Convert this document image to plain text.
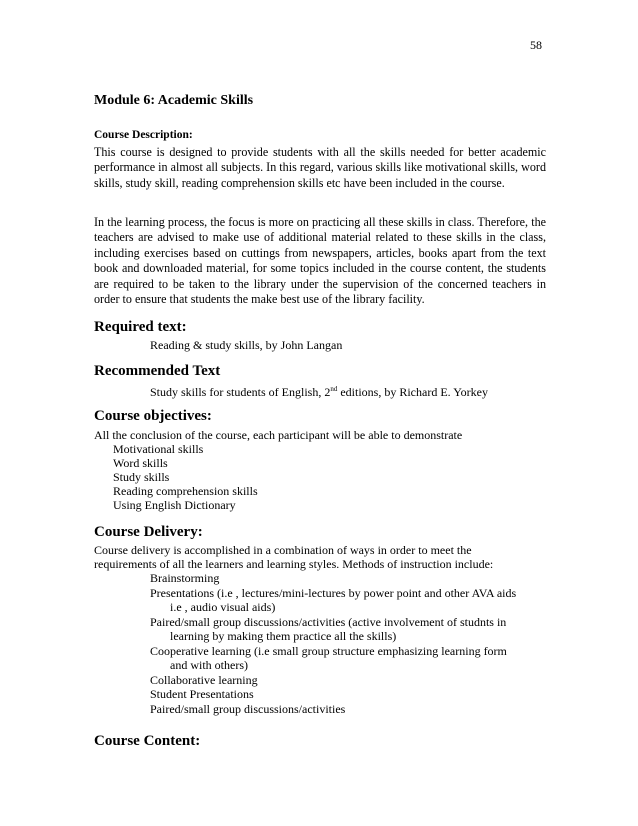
58
Module 6: Academic Skills
Course Description:
This course is designed to provide students with all the skills needed for better academic performance in almost all subjects. In this regard, various skills like motivational skills, word skills, study skill, reading comprehension skills etc have been included in the course.
In the learning process, the focus is more on practicing all these skills in class. Therefore, the teachers are advised to make use of additional material related to these skills in the class, including exercises based on cuttings from newspapers, articles, books apart from the text book and downloaded material, for some topics included in the course content, the students are required to be taken to the library under the supervision of the concerned teachers in order to ensure that students the make best use of the library facility.
Required text:
Reading & study skills, by John Langan
Recommended Text
Study skills for students of English, 2nd editions, by Richard E. Yorkey
Course objectives:
All the conclusion of the course, each participant will be able to demonstrate
Motivational skills
Word skills
Study skills
Reading comprehension skills
Using English Dictionary
Course Delivery:
Course delivery is accomplished in a combination of ways in order to meet the
requirements of all the learners and learning styles. Methods of instruction include:
Brainstorming
Presentations (i.e , lectures/mini-lectures by power point and other AVA aids
i.e , audio visual aids)
Paired/small group discussions/activities (active involvement of studnts in
learning by making them practice all the skills)
Cooperative learning (i.e small group structure emphasizing learning form
and with others)
Collaborative learning
Student Presentations
Paired/small group discussions/activities
Course Content:
